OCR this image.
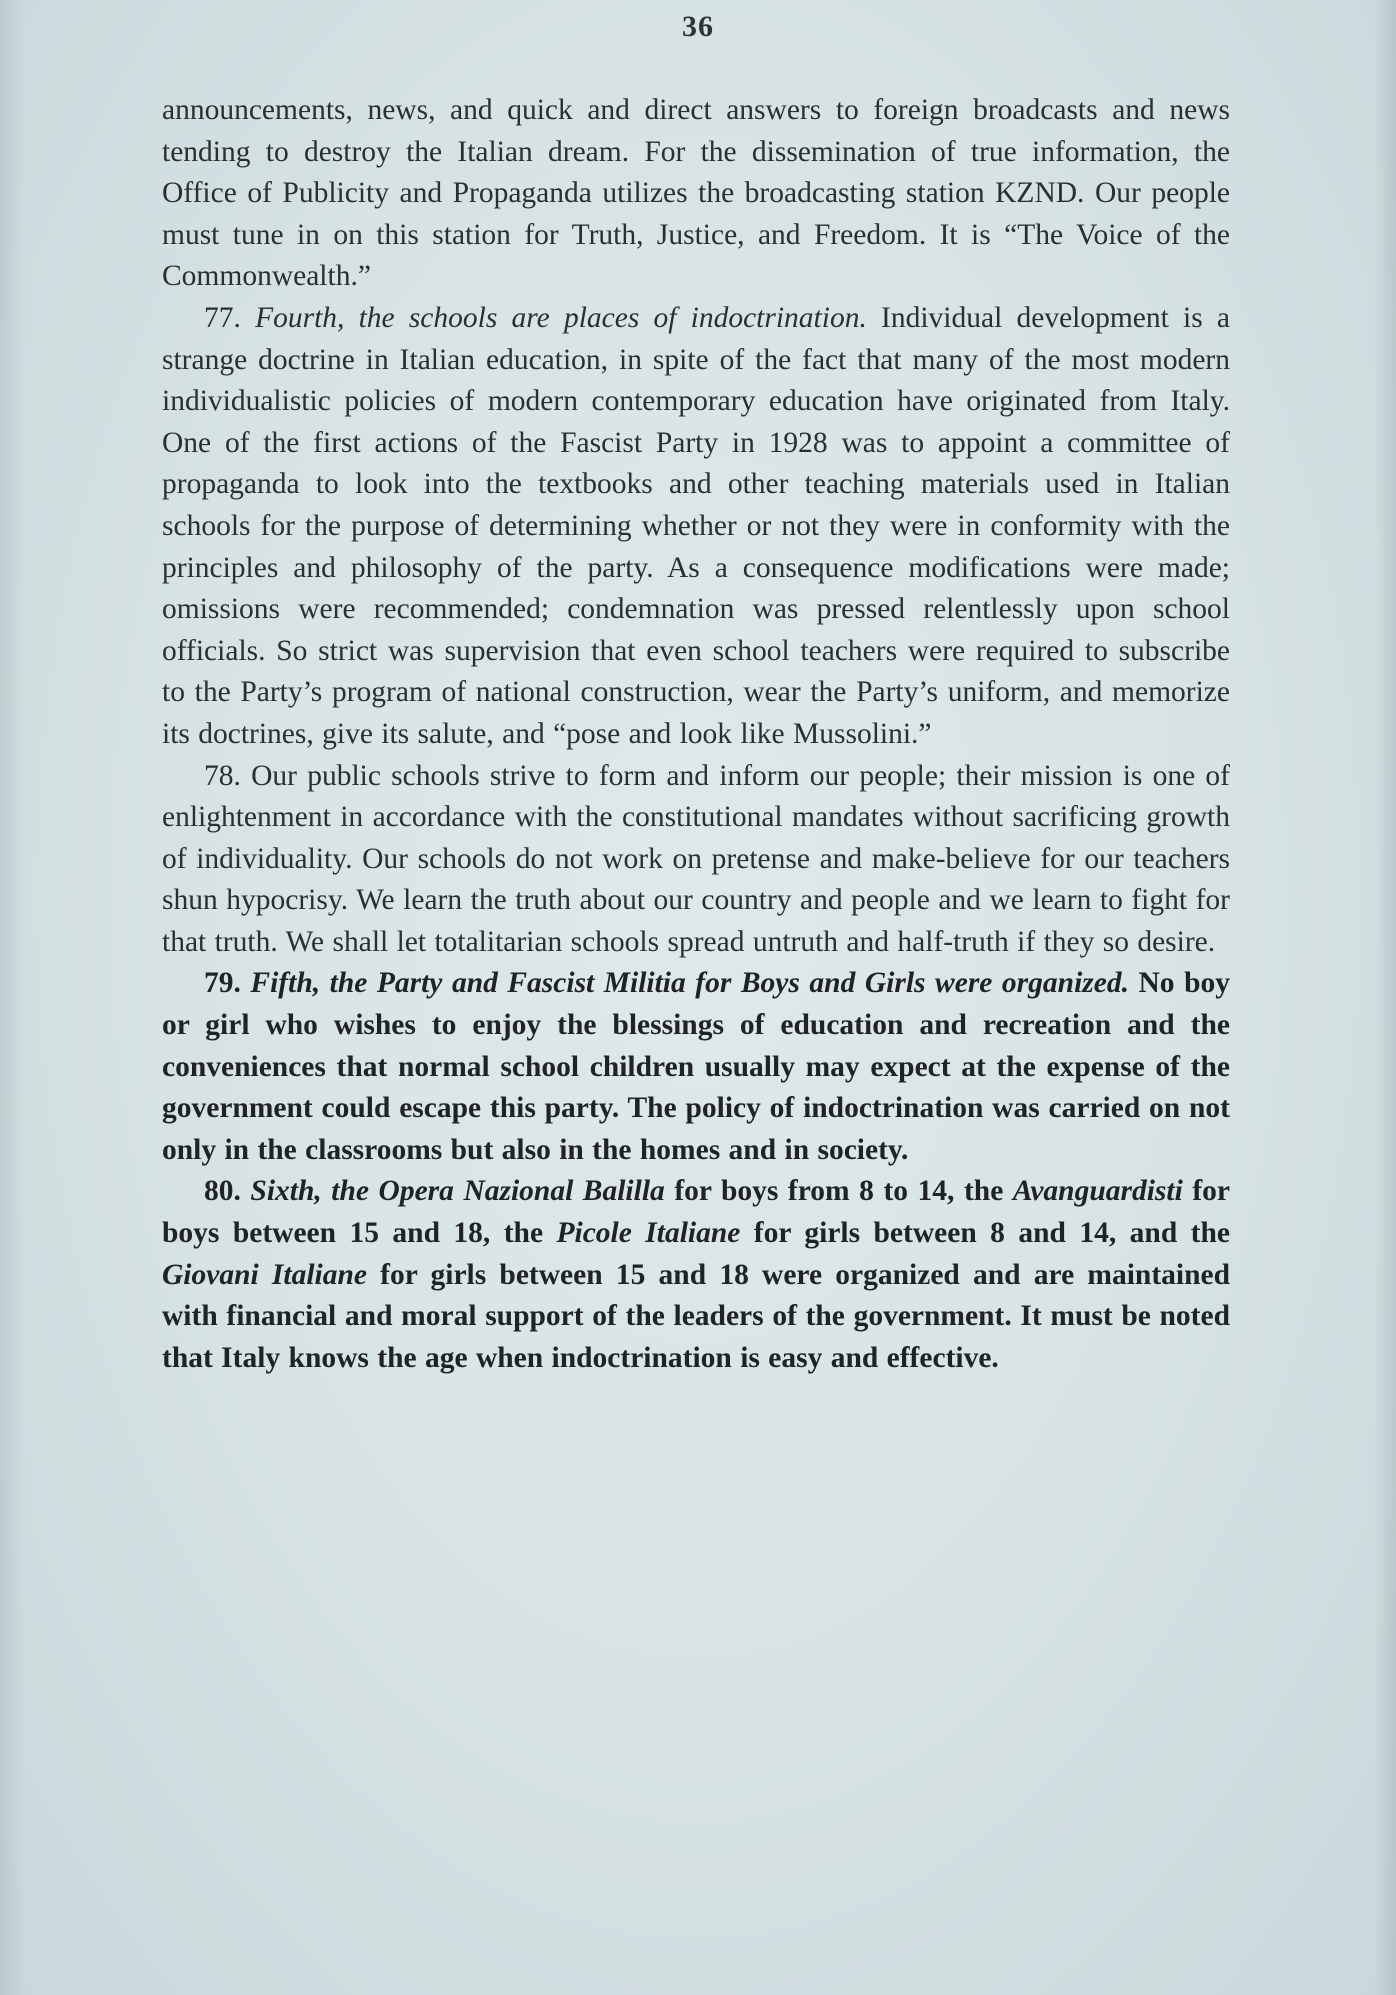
36

announcements, news, and quick and direct answers to foreign broadcasts and news tending to destroy the Italian dream. For the dissemination of true information, the Office of Publicity and Propaganda utilizes the broadcasting station KZND. Our people must tune in on this station for Truth, Justice, and Freedom. It is “The Voice of the Commonwealth.”

77. Fourth, the schools are places of indoctrination. Individual development is a strange doctrine in Italian education, in spite of the fact that many of the most modern individualistic policies of modern contemporary education have originated from Italy. One of the first actions of the Fascist Party in 1928 was to appoint a committee of propaganda to look into the textbooks and other teaching materials used in Italian schools for the purpose of determining whether or not they were in conformity with the principles and philosophy of the party. As a consequence modifications were made; omissions were recommended; condemnation was pressed relentlessly upon school officials. So strict was supervision that even school teachers were required to subscribe to the Party’s program of national construction, wear the Party’s uniform, and memorize its doctrines, give its salute, and “pose and look like Mussolini.”

78. Our public schools strive to form and inform our people; their mission is one of enlightenment in accordance with the constitutional mandates without sacrificing growth of individuality. Our schools do not work on pretense and make-believe for our teachers shun hypocrisy. We learn the truth about our country and people and we learn to fight for that truth. We shall let totalitarian schools spread untruth and half-truth if they so desire.

79. Fifth, the Party and Fascist Militia for Boys and Girls were organized. No boy or girl who wishes to enjoy the blessings of education and recreation and the conveniences that normal school children usually may expect at the expense of the government could escape this party. The policy of indoctrination was carried on not only in the classrooms but also in the homes and in society.

80. Sixth, the Opera Nazional Balilla for boys from 8 to 14, the Avanguardisti for boys between 15 and 18, the Picole Italiane for girls between 8 and 14, and the Giovani Italiane for girls between 15 and 18 were organized and are maintained with financial and moral support of the leaders of the government. It must be noted that Italy knows the age when indoctrination is easy and effective.
